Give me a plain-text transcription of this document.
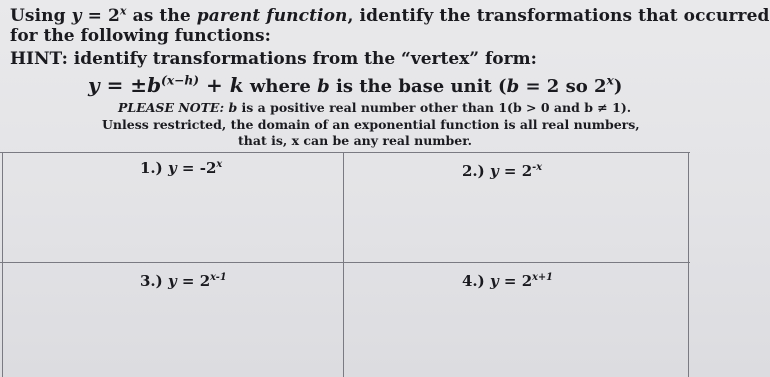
Using $y = 2^x$ as the parent function, identify the transformations that occurred
for the following functions:
HINT: identify transformations from the “vertex” form:
$y = \pm b^{(x-h)} + k$ where b is the base unit (b = 2 so 2$^x$)
PLEASE NOTE: b is a positive real number other than 1(b > 0 and b ≠ 1).
Unless restricted, the domain of an exponential function is all real numbers,
that is, x can be any real number.
1.) $y = -2^x$	2.) $y = 2^{-x}$
3.) $y = 2^{x-1}$	4.) $y = 2^{x+1}$
